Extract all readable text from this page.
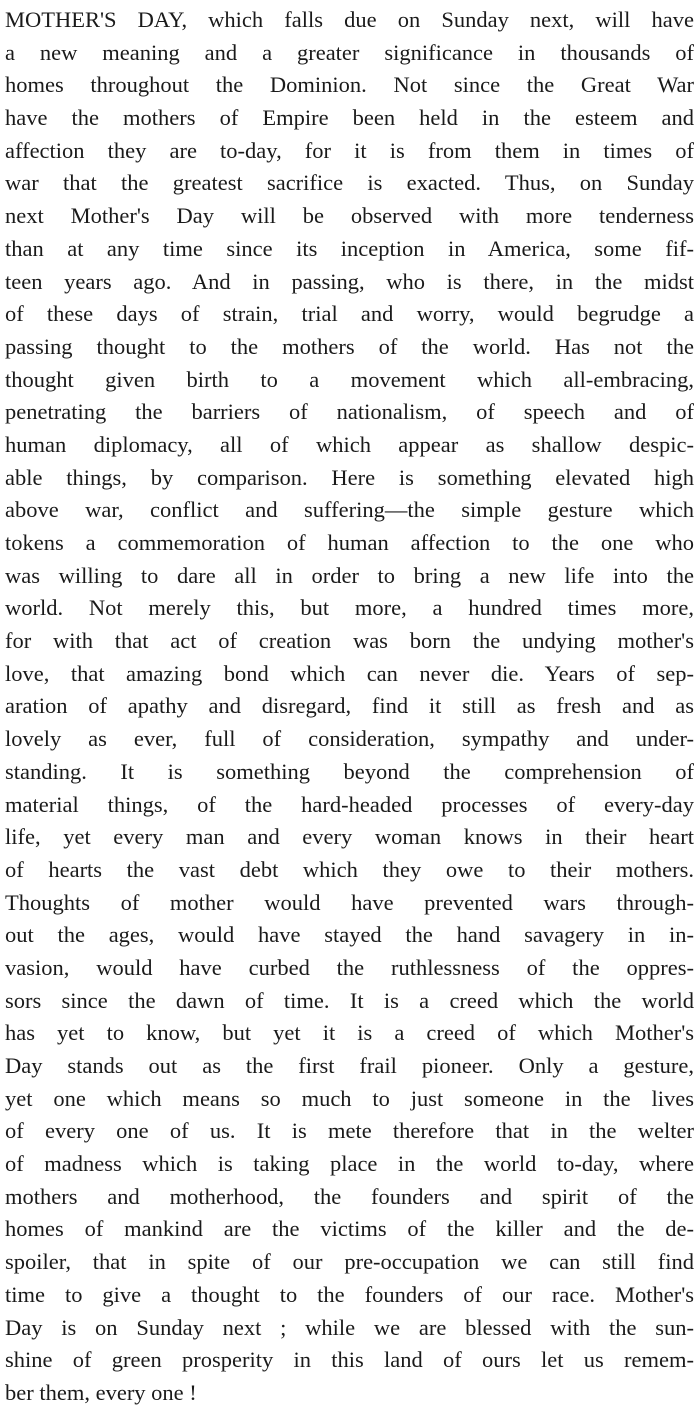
MOTHER'S DAY, which falls due on Sunday next, will have
a new meaning and a greater significance in thousands of
homes throughout the Dominion. Not since the Great War
have the mothers of Empire been held in the esteem and
affection they are to-day, for it is from them in times of
war that the greatest sacrifice is exacted. Thus, on Sunday
next Mother's Day will be observed with more tenderness
than at any time since its inception in America, some fif-
teen years ago. And in passing, who is there, in the midst
of these days of strain, trial and worry, would begrudge a
passing thought to the mothers of the world. Has not the
thought given birth to a movement which all-embracing,
penetrating the barriers of nationalism, of speech and of
human diplomacy, all of which appear as shallow despic-
able things, by comparison. Here is something elevated high
above war, conflict and suffering—the simple gesture which
tokens a commemoration of human affection to the one who
was willing to dare all in order to bring a new life into the
world. Not merely this, but more, a hundred times more,
for with that act of creation was born the undying mother's
love, that amazing bond which can never die. Years of sep-
aration of apathy and disregard, find it still as fresh and as
lovely as ever, full of consideration, sympathy and under-
standing. It is something beyond the comprehension of
material things, of the hard-headed processes of every-day
life, yet every man and every woman knows in their heart
of hearts the vast debt which they owe to their mothers.
Thoughts of mother would have prevented wars through-
out the ages, would have stayed the hand savagery in in-
vasion, would have curbed the ruthlessness of the oppres-
sors since the dawn of time. It is a creed which the world
has yet to know, but yet it is a creed of which Mother's
Day stands out as the first frail pioneer. Only a gesture,
yet one which means so much to just someone in the lives
of every one of us. It is mete therefore that in the welter
of madness which is taking place in the world to-day, where
mothers and motherhood, the founders and spirit of the
homes of mankind are the victims of the killer and the de-
spoiler, that in spite of our pre-occupation we can still find
time to give a thought to the founders of our race. Mother's
Day is on Sunday next ; while we are blessed with the sun-
shine of green prosperity in this land of ours let us remem-
ber them, every one !
